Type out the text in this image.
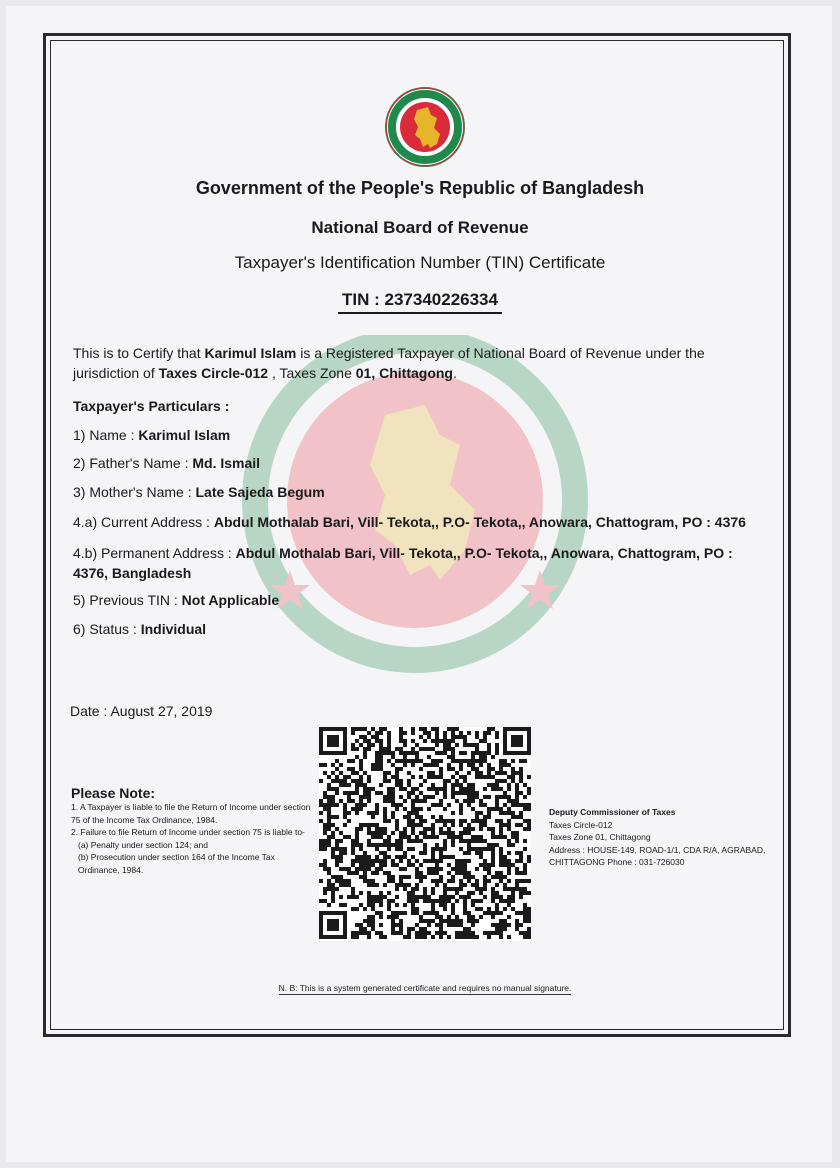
Government of the People's Republic of Bangladesh
National Board of Revenue
Taxpayer's Identification Number (TIN) Certificate
TIN : 237340226334
This is to Certify that Karimul Islam is a Registered Taxpayer of National Board of Revenue under the jurisdiction of Taxes Circle-012 , Taxes Zone 01, Chittagong.
Taxpayer's Particulars :
1) Name : Karimul Islam
2) Father's Name : Md. Ismail
3) Mother's Name : Late Sajeda Begum
4.a) Current Address : Abdul Mothalab Bari, Vill- Tekota,, P.O- Tekota,, Anowara, Chattogram, PO : 4376
4.b) Permanent Address : Abdul Mothalab Bari, Vill- Tekota,, P.O- Tekota,, Anowara, Chattogram, PO : 4376, Bangladesh
5) Previous TIN : Not Applicable
6) Status : Individual
Date : August 27, 2019
Please Note:
1. A Taxpayer is liable to file the Return of Income under section 75 of the Income Tax Ordinance, 1984.
2. Failure to file Return of Income under section 75 is liable to-
(a) Penalty under section 124; and
(b) Prosecution under section 164 of the Income Tax Ordinance, 1984.
Deputy Commissioner of Taxes
Taxes Circle-012
Taxes Zone 01, Chittagong
Address : HOUSE-149, ROAD-1/1, CDA R/A, AGRABAD, CHITTAGONG Phone : 031-726030
N. B: This is a system generated certificate and requires no manual signature.
